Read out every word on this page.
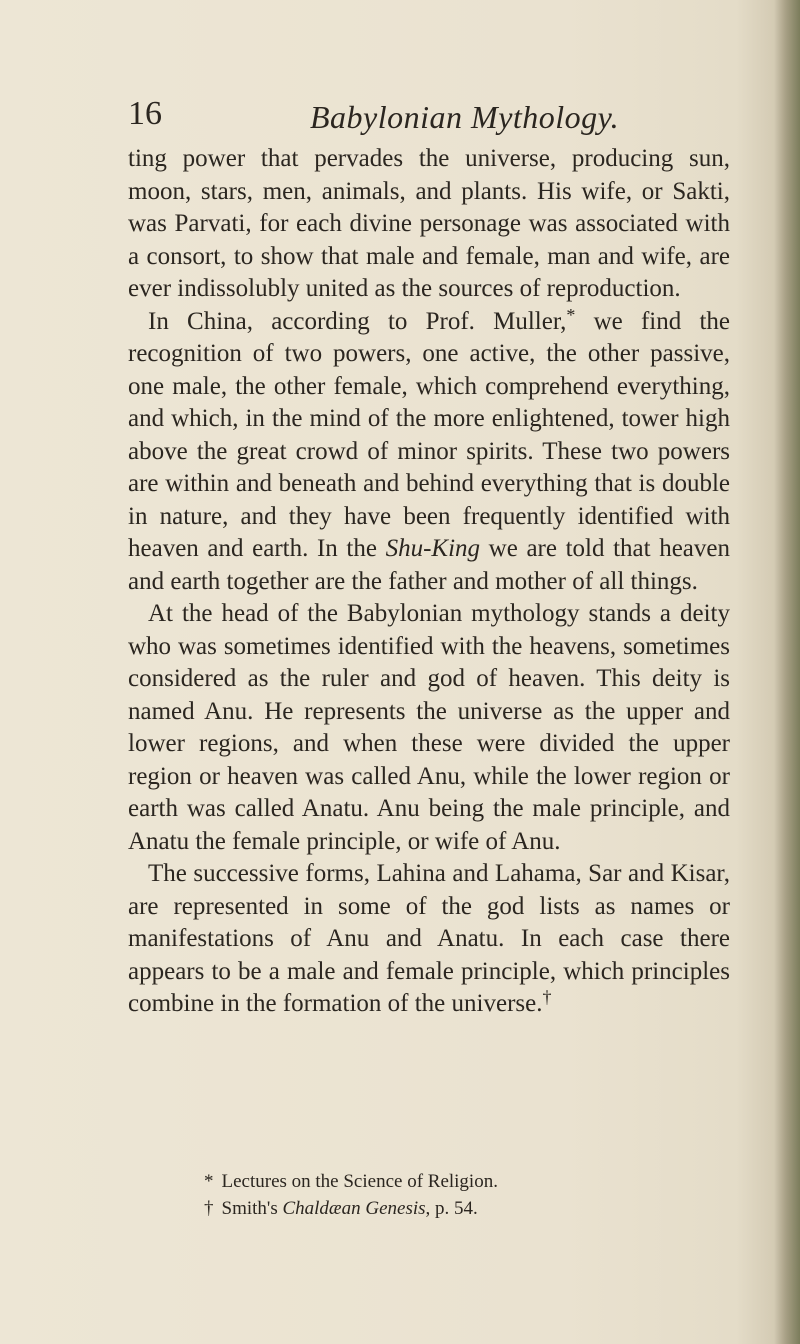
16	Babylonian Mythology.

ting power that pervades the universe, producing sun, moon, stars, men, animals, and plants. His wife, or Sakti, was Parvati, for each divine personage was associated with a consort, to show that male and female, man and wife, are ever indissolubly united as the sources of reproduction.

In China, according to Prof. Muller,* we find the recognition of two powers, one active, the other passive, one male, the other female, which comprehend everything, and which, in the mind of the more enlightened, tower high above the great crowd of minor spirits. These two powers are within and beneath and behind everything that is double in nature, and they have been frequently identified with heaven and earth. In the Shu-King we are told that heaven and earth together are the father and mother of all things.

At the head of the Babylonian mythology stands a deity who was sometimes identified with the heavens, sometimes considered as the ruler and god of heaven. This deity is named Anu. He represents the universe as the upper and lower regions, and when these were divided the upper region or heaven was called Anu, while the lower region or earth was called Anatu. Anu being the male principle, and Anatu the female principle, or wife of Anu.

The successive forms, Lahina and Lahama, Sar and Kisar, are represented in some of the god lists as names or manifestations of Anu and Anatu. In each case there appears to be a male and female principle, which principles combine in the formation of the universe.†

* Lectures on the Science of Religion.
† Smith's Chaldæan Genesis, p. 54.
